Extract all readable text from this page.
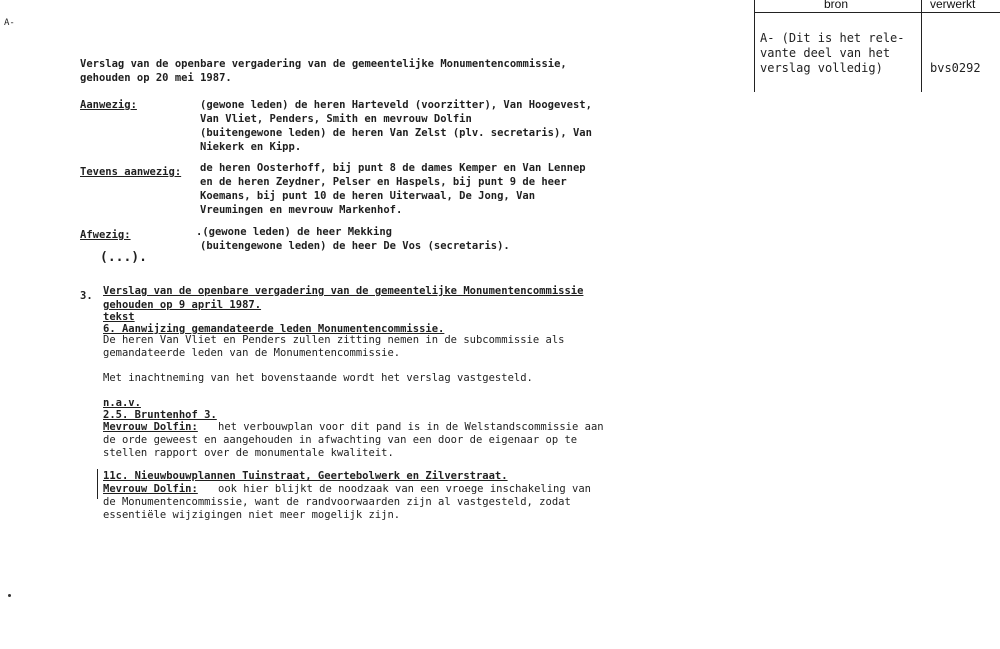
A-
bron	verwerkt
A- (Dit is het rele-
vante deel van het
verslag volledig)	bvs0292
Verslag van de openbare vergadering van de gemeentelijke Monumentencommissie,
gehouden op 20 mei 1987.
Aanwezig:	(gewone leden) de heren Harteveld (voorzitter), Van Hoogevest,
Van Vliet, Penders, Smith en mevrouw Dolfin
(buitengewone leden) de heren Van Zelst (plv. secretaris), Van
Niekerk en Kipp.
Tevens aanwezig: de heren Oosterhoff, bij punt 8 de dames Kemper en Van Lennep
en de heren Zeydner, Pelser en Haspels, bij punt 9 de heer
Koemans, bij punt 10 de heren Uiterwaal, De Jong, Van
Vreumingen en mevrouw Markenhof.
Afwezig:	.(gewone leden) de heer Mekking
(buitengewone leden) de heer De Vos (secretaris).
(...).
3. Verslag van de openbare vergadering van de gemeentelijke Monumentencommissie
gehouden op 9 april 1987.
tekst
6. Aanwijzing gemandateerde leden Monumentencommissie.
De heren Van Vliet en Penders zullen zitting nemen in de subcommissie als
gemandateerde leden van de Monumentencommissie.
Met inachtneming van het bovenstaande wordt het verslag vastgesteld.
n.a.v.
2.5. Bruntenhof 3.
Mevrouw Dolfin: het verbouwplan voor dit pand is in de Welstandscommissie aan
de orde geweest en aangehouden in afwachting van een door de eigenaar op te
stellen rapport over de monumentale kwaliteit.
11c. Nieuwbouwplannen Tuinstraat, Geertebolwerk en Zilverstraat.
Mevrouw Dolfin: ook hier blijkt de noodzaak van een vroege inschakeling van
de Monumentencommissie, want de randvoorwaarden zijn al vastgesteld, zodat
essentiële wijzigingen niet meer mogelijk zijn.
